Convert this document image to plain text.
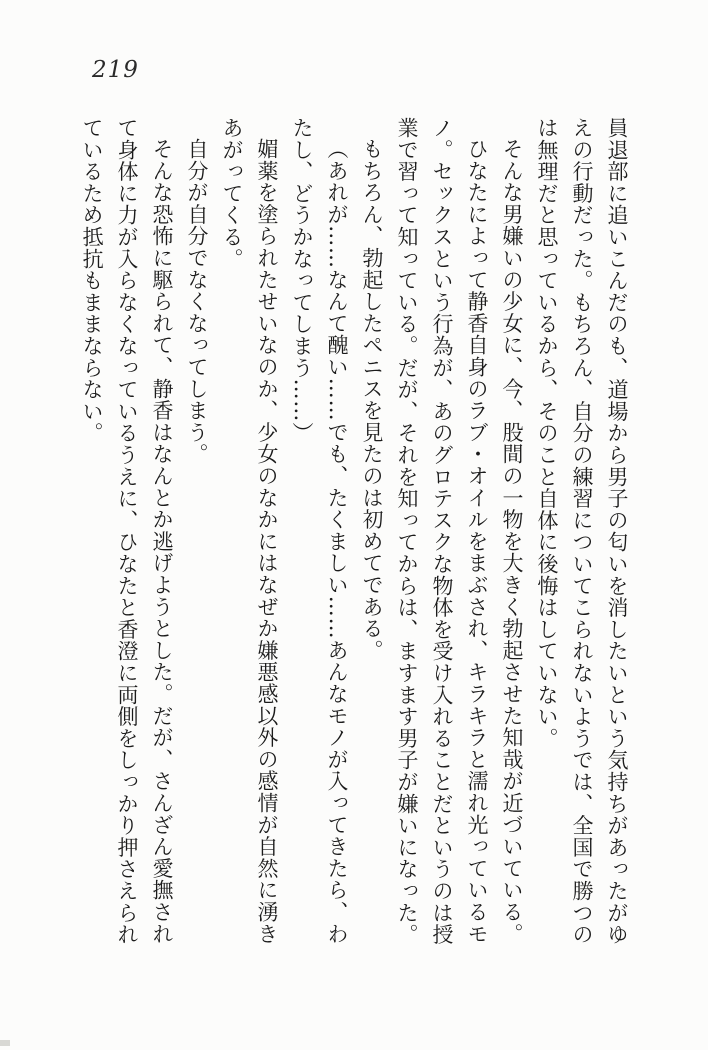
219

員退部に追いこんだのも、道場から男子の匂いを消したいという気持ちがあったがゆえの行動だった。もちろん、自分の練習についてこられないようでは、全国で勝つのは無理だと思っているから、そのこと自体に後悔はしていない。

そんな男嫌いの少女に、今、股間の一物を大きく勃起させた知哉が近づいている。

ひなたによって静香自身のラブ・オイルをまぶされ、キラキラと濡れ光っているモノ。セックスという行為が、あのグロテスクな物体を受け入れることだというのは授業で習って知っている。だが、それを知ってからは、ますます男子が嫌いになった。

もちろん、勃起したペニスを見たのは初めてである。

（あれが……なんて醜い……でも、たくましい……あんなモノが入ってきたら、わたし、どうかなってしまう……）

媚薬を塗られたせいなのか、少女のなかにはなぜか嫌悪感以外の感情が自然に湧きあがってくる。

自分が自分でなくなってしまう。

そんな恐怖に駆られて、静香はなんとか逃げようとした。だが、さんざん愛撫されて身体に力が入らなくなっているうえに、ひなたと香澄に両側をしっかり押さえられているため抵抗もままならない。
